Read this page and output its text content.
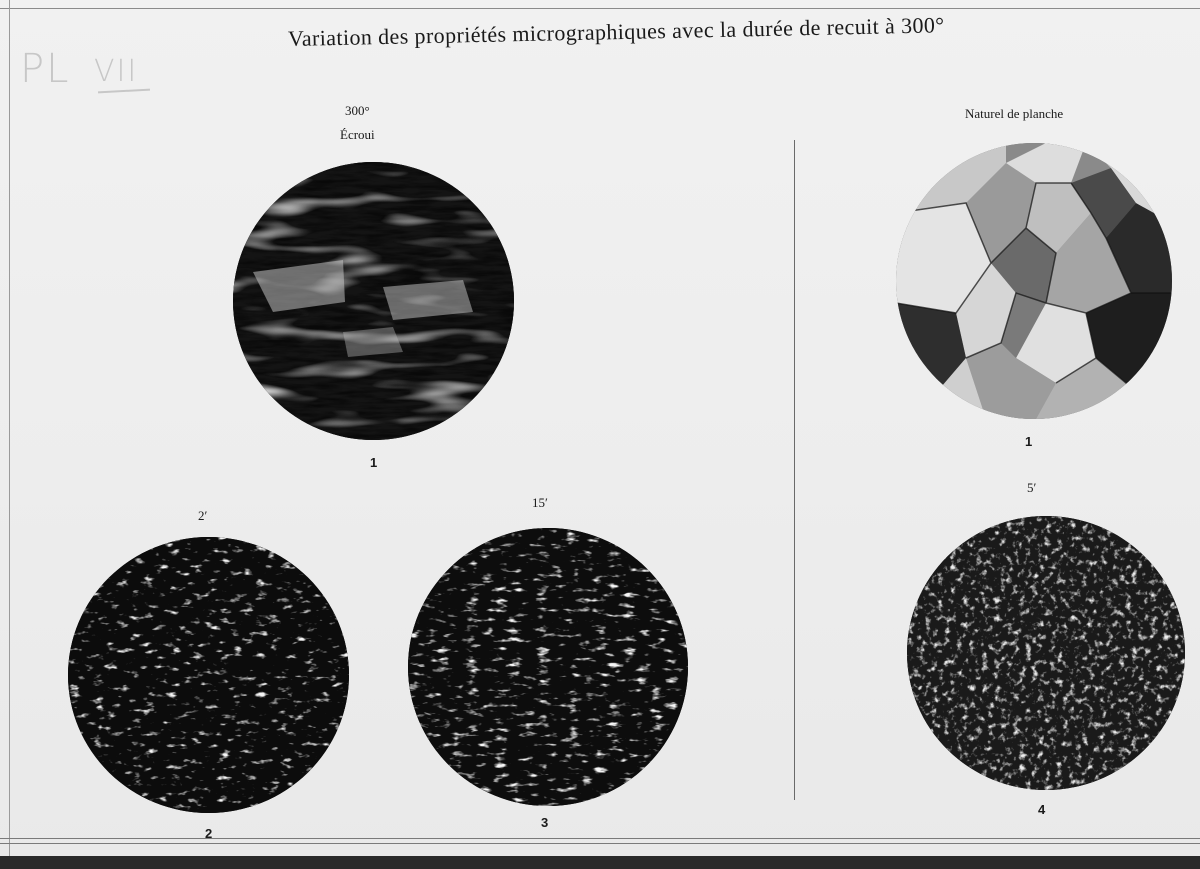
PL VII
Variation des propriétés micrographiques avec la durée de recuit à 300°
300°
Écroui
Naturel de planche
2′
15′
5′
1
2
3
1
4
